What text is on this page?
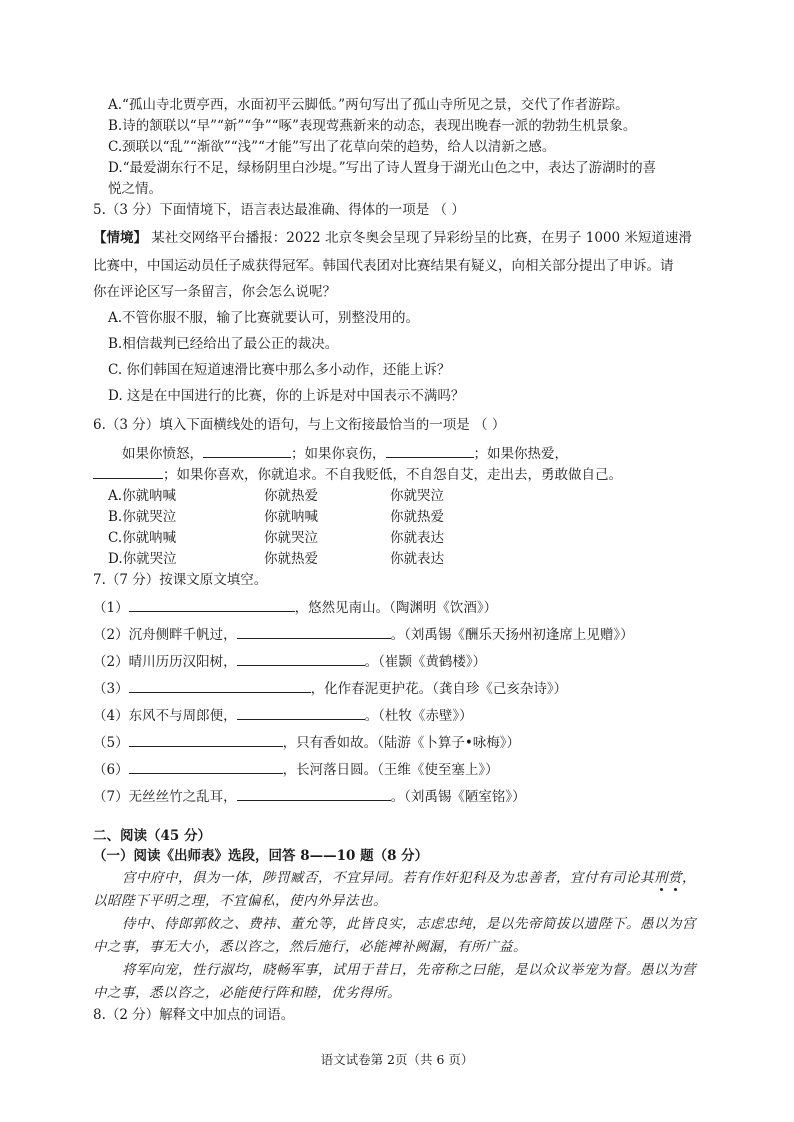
A.“孤山寺北贾亭西，水面初平云脚低。”两句写出了孤山寺所见之景，交代了作者游踪。
B.诗的颔联以“早”“新”“争”“啄”表现莺燕新来的动态，表现出晚春一派的勃勃生机景象。
C.颈联以“乱”“渐欲”“浅”“才能”写出了花草向荣的趋势，给人以清新之感。
D.“最爱湖东行不足，绿杨阴里白沙堤。”写出了诗人置身于湖光山色之中，表达了游湖时的喜
悦之情。
5.（3 分）下面情境下，语言表达最准确、得体的一项是 （ ）
【情境】 某社交网络平台播报：2022 北京冬奥会呈现了异彩纷呈的比赛，在男子 1000 米短道速滑
比赛中，中国运动员任子威获得冠军。韩国代表团对比赛结果有疑义，向相关部分提出了申诉。请
你在评论区写一条留言，你会怎么说呢？
A.不管你服不服，输了比赛就要认可，别整没用的。
B.相信裁判已经给出了最公正的裁决。
C. 你们韩国在短道速滑比赛中那么多小动作，还能上诉？
D. 这是在中国进行的比赛，你的上诉是对中国表示不满吗？
6.（3 分）填入下面横线处的语句，与上文衔接最恰当的一项是 （ ）
如果你愤怒，	；如果你哀伤，	；如果你热爱，
；如果你喜欢，你就追求。不自我贬低，不自怨自艾，走出去，勇敢做自己。
A.你就呐喊	你就热爱	你就哭泣
B.你就哭泣	你就呐喊	你就热爱
C.你就呐喊	你就哭泣	你就表达
D.你就哭泣	你就热爱	你就表达
7.（7 分）按课文原文填空。
（1）	，悠然见南山。（陶渊明《饮酒》）
（2）沉舟侧畔千帆过，	。（刘禹锡《酬乐天扬州初逢席上见赠》）
（2）晴川历历汉阳树，	。（崔颢《黄鹤楼》）
（3）	，化作春泥更护花。（龚自珍《己亥杂诗》）
（4）东风不与周郎便，	。（杜牧《赤壁》）
（5）	，只有香如故。（陆游《卜算子•咏梅》）
（6）	，长河落日圆。（王维《使至塞上》）
（7）无丝丝竹之乱耳，	。（刘禹锡《陋室铭》）
二、阅读（45 分）
（一）阅读《出师表》选段，回答 8——10 题（8 分）
宫中府中，俱为一体，陟罚臧否，不宜异同。若有作奸犯科及为忠善者，宜付有司论其刑赏，
以昭陛下平明之理，不宜偏私，使内外异法也。
侍中、侍郎郭攸之、费祎、董允等，此皆良实，志虑忠纯，是以先帝简拔以遗陛下。愚以为宫
中之事，事无大小，悉以咨之，然后施行，必能裨补阙漏，有所广益。
将军向宠，性行淑均，晓畅军事，试用于昔日，先帝称之曰能，是以众议举宠为督。愚以为营
中之事，悉以咨之，必能使行阵和睦，优劣得所。
8.（2 分）解释文中加点的词语。
语文试卷第 2页（共 6 页）
